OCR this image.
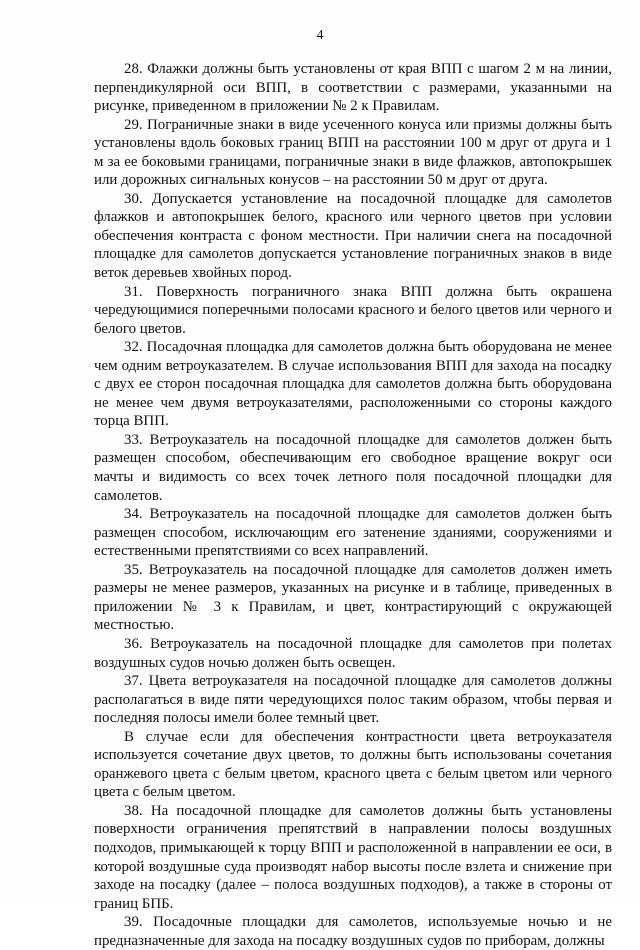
4

28. Флажки должны быть установлены от края ВПП с шагом 2 м на линии, перпендикулярной оси ВПП, в соответствии с размерами, указанными на рисунке, приведенном в приложении № 2 к Правилам.

29. Пограничные знаки в виде усеченного конуса или призмы должны быть установлены вдоль боковых границ ВПП на расстоянии 100 м друг от друга и 1 м за ее боковыми границами, пограничные знаки в виде флажков, автопокрышек или дорожных сигнальных конусов – на расстоянии 50 м друг от друга.

30. Допускается установление на посадочной площадке для самолетов флажков и автопокрышек белого, красного или черного цветов при условии обеспечения контраста с фоном местности. При наличии снега на посадочной площадке для самолетов допускается установление пограничных знаков в виде веток деревьев хвойных пород.

31. Поверхность пограничного знака ВПП должна быть окрашена чередующимися поперечными полосами красного и белого цветов или черного и белого цветов.

32. Посадочная площадка для самолетов должна быть оборудована не менее чем одним ветроуказателем. В случае использования ВПП для захода на посадку с двух ее сторон посадочная площадка для самолетов должна быть оборудована не менее чем двумя ветроуказателями, расположенными со стороны каждого торца ВПП.

33. Ветроуказатель на посадочной площадке для самолетов должен быть размещен способом, обеспечивающим его свободное вращение вокруг оси мачты и видимость со всех точек летного поля посадочной площадки для самолетов.

34. Ветроуказатель на посадочной площадке для самолетов должен быть размещен способом, исключающим его затенение зданиями, сооружениями и естественными препятствиями со всех направлений.

35. Ветроуказатель на посадочной площадке для самолетов должен иметь размеры не менее размеров, указанных на рисунке и в таблице, приведенных в приложении № 3 к Правилам, и цвет, контрастирующий с окружающей местностью.

36. Ветроуказатель на посадочной площадке для самолетов при полетах воздушных судов ночью должен быть освещен.

37. Цвета ветроуказателя на посадочной площадке для самолетов должны располагаться в виде пяти чередующихся полос таким образом, чтобы первая и последняя полосы имели более темный цвет.

В случае если для обеспечения контрастности цвета ветроуказателя используется сочетание двух цветов, то должны быть использованы сочетания оранжевого цвета с белым цветом, красного цвета с белым цветом или черного цвета с белым цветом.

38. На посадочной площадке для самолетов должны быть установлены поверхности ограничения препятствий в направлении полосы воздушных подходов, примыкающей к торцу ВПП и расположенной в направлении ее оси, в которой воздушные суда производят набор высоты после взлета и снижение при заходе на посадку (далее – полоса воздушных подходов), а также в стороны от границ БПБ.

39. Посадочные площадки для самолетов, используемые ночью и не предназначенные для захода на посадку воздушных судов по приборам, должны
